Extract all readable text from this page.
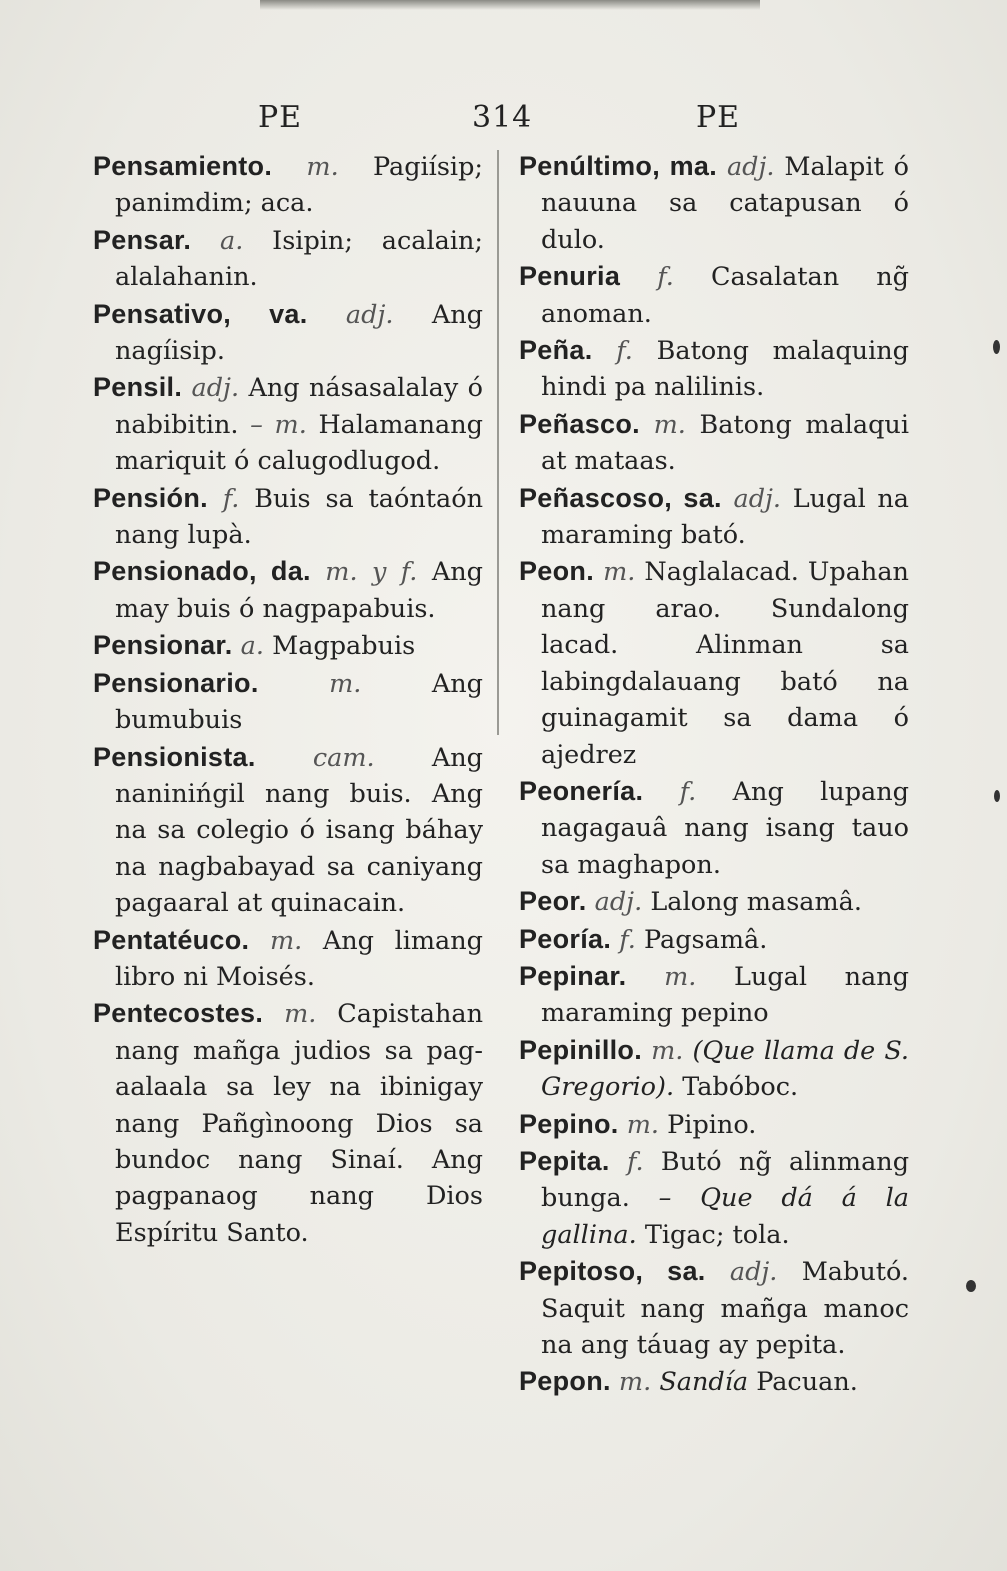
PE	314	PE

Pensamiento. m. Pagiísip; panimdim; aca.

Pensar. a. Isipin; acalain; alalahanin.

Pensativo, va. adj. Ang nagíisip.

Pensil. adj. Ang násasalalay ó nabibitin. – m. Halamanang mariquit ó calugodlugod.

Pensión. f. Buis sa taóntaón nang lupà.

Pensionado, da. m. y f. Ang may buis ó nagpapabuis.

Pensionar. a. Magpabuis

Pensionario.	m.	Ang bumubuis

Pensionista. cam. Ang naninińgil nang buis. Ang na sa colegio ó isang báhay na nagbabayad sa caniyang pagaaral at quinacain.

Pentatéuco. m. Ang limang libro ni Moisés.

Pentecostes. m. Capistahan nang mañga judios sa pag-aalaala sa ley na ibinigay nang Pañgìnoong Dios sa bundoc nang Sinaí. Ang pagpanaog nang Dios Espíritu Santo.

Penúltimo, ma. adj. Malapit ó nauuna sa catapusan ó dulo.

Penuria f. Casalatan ng̃ anoman.

Peña. f. Batong malaquing hindi pa nalilinis.

Peñasco. m. Batong malaqui at mataas.

Peñascoso, sa. adj. Lugal na maraming bató.

Peon. m. Naglalacad. Upahan nang arao. Sundalong lacad. Alinman sa labingdalauang bató na guinagamit sa dama ó ajedrez

Peonería. f. Ang lupang nagagauâ nang isang tauo sa maghapon.

Peor. adj. Lalong masamâ.

Peoría. f. Pagsamâ.

Pepinar. m. Lugal nang maraming pepino

Pepinillo. m. (Que llama de S. Gregorio). Tabóboc.

Pepino. m. Pipino.

Pepita. f. Butó ng̃ alinmang bunga. – Que dá á la gallina. Tigac; tola.

Pepitoso, sa. adj. Mabutó. Saquit nang mañga manoc na ang táuag ay pepita.

Pepon. m. Sandía Pacuan.
